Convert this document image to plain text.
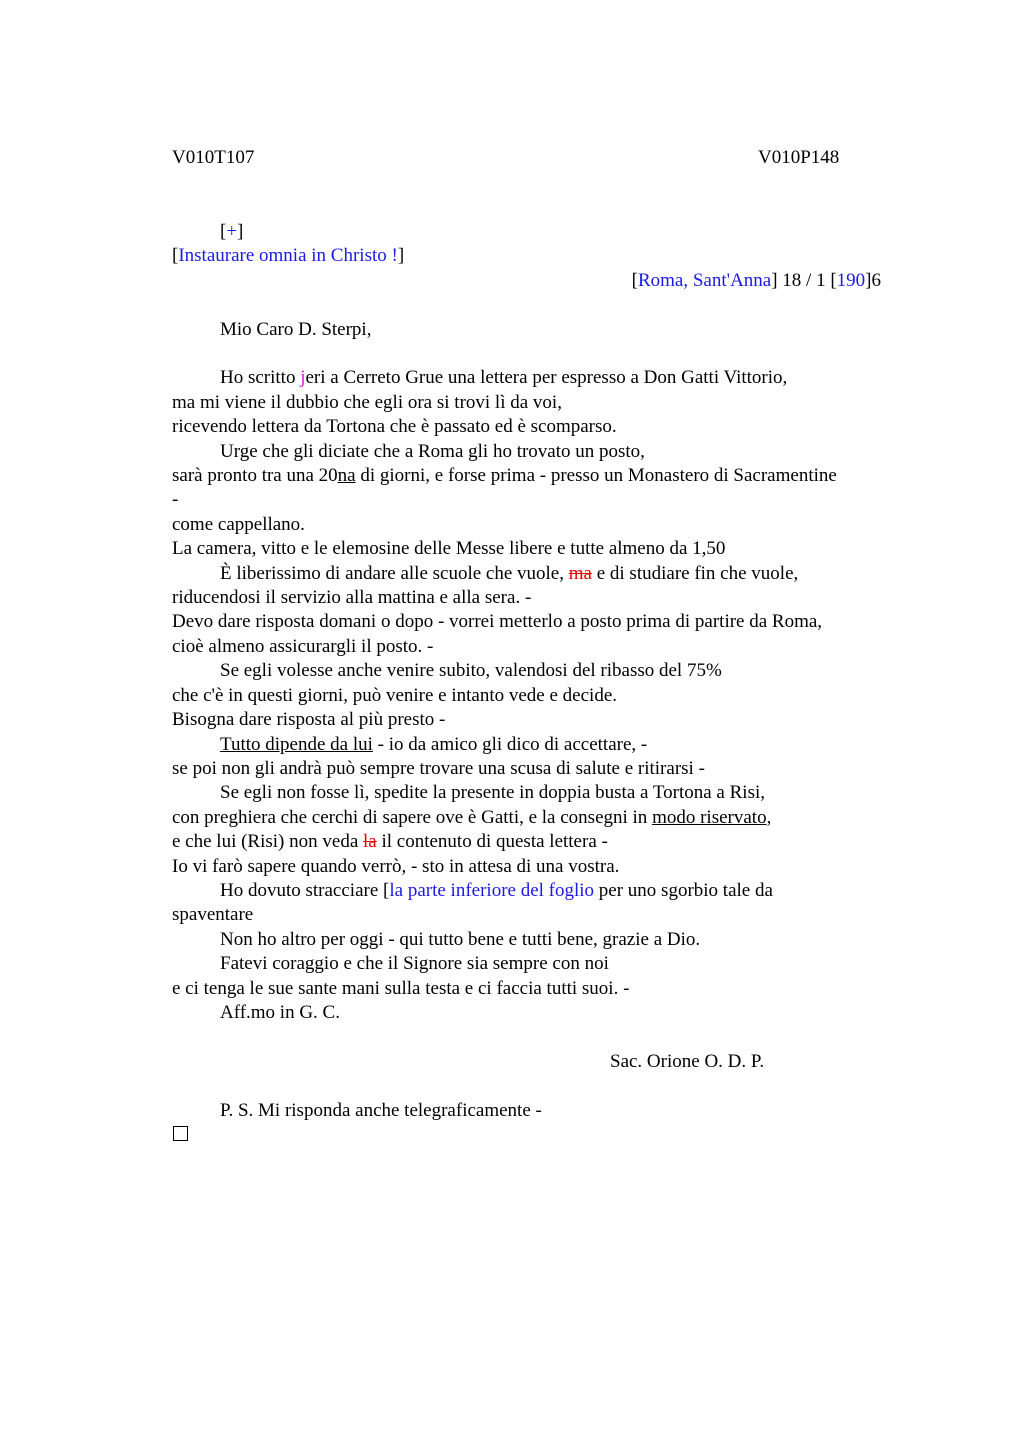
V010T107	V010P148
[+]
[Instaurare omnia in Christo !]
[Roma, Sant'Anna] 18 / 1 [190]6
Mio Caro D. Sterpi,
Ho scritto jeri a Cerreto Grue una lettera per espresso a Don Gatti Vittorio,
ma mi viene il dubbio che egli ora si trovi lì da voi,
ricevendo lettera da Tortona che è passato ed è scomparso.
Urge che gli diciate che a Roma gli ho trovato un posto,
sarà pronto tra una 20na di giorni, e forse prima - presso un Monastero di Sacramentine
-
come cappellano.
La camera, vitto e le elemosine delle Messe libere e tutte almeno da 1,50
È liberissimo di andare alle scuole che vuole, ma e di studiare fin che vuole,
riducendosi il servizio alla mattina e alla sera. -
Devo dare risposta domani o dopo - vorrei metterlo a posto prima di partire da Roma,
cioè almeno assicurargli il posto. -
Se egli volesse anche venire subito, valendosi del ribasso del 75%
che c'è in questi giorni, può venire e intanto vede e decide.
Bisogna dare risposta al più presto -
Tutto dipende da lui - io da amico gli dico di accettare, -
se poi non gli andrà può sempre trovare una scusa di salute e ritirarsi -
Se egli non fosse lì, spedite la presente in doppia busta a Tortona a Risi,
con preghiera che cerchi di sapere ove è Gatti, e la consegni in modo riservato,
e che lui (Risi) non veda la il contenuto di questa lettera -
Io vi farò sapere quando verrò, - sto in attesa di una vostra.
Ho dovuto stracciare [la parte inferiore del foglio per uno sgorbio tale da
spaventare
Non ho altro per oggi - qui tutto bene e tutti bene, grazie a Dio.
Fatevi coraggio e che il Signore sia sempre con noi
e ci tenga le sue sante mani sulla testa e ci faccia tutti suoi. -
Aff.mo in G. C.
Sac. Orione O. D. P.
P. S. Mi risponda anche telegraficamente -
